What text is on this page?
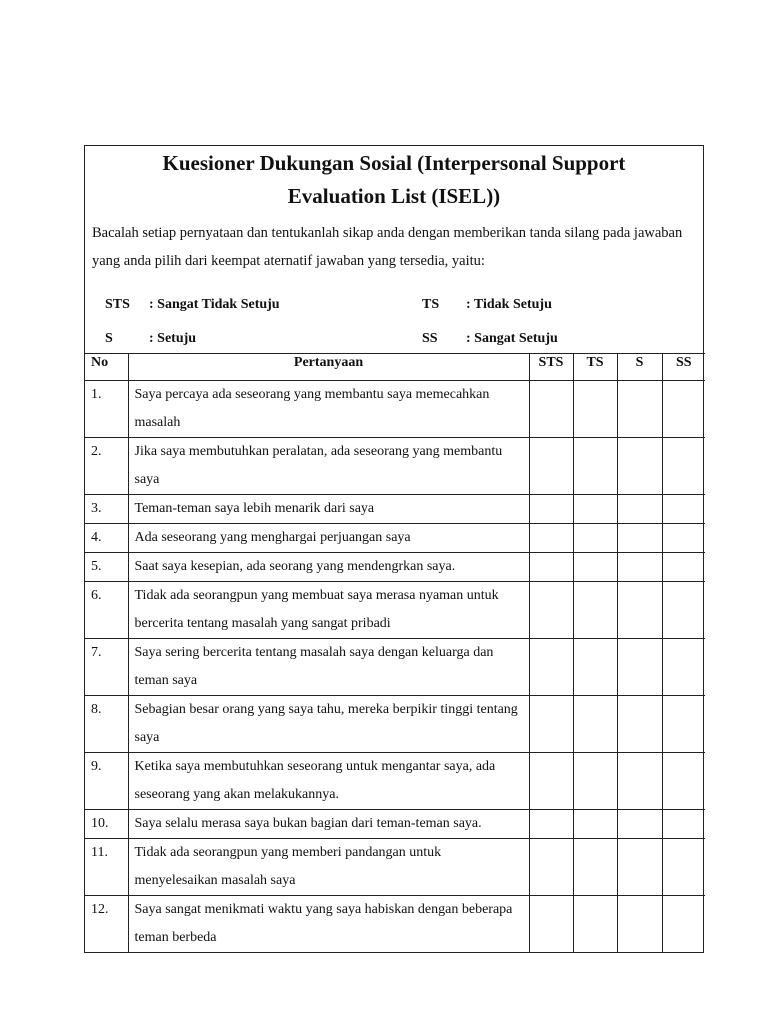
Kuesioner Dukungan Sosial (Interpersonal Support Evaluation List (ISEL))
Bacalah setiap pernyataan dan tentukanlah sikap anda dengan memberikan tanda silang pada jawaban yang anda pilih dari keempat aternatif jawaban yang tersedia, yaitu:
STS : Sangat Tidak Setuju	TS : Tidak Setuju
S	: Setuju	SS : Sangat Setuju
No	Pertanyaan	STS	TS	S	SS
1.	Saya percaya ada seseorang yang membantu saya memecahkan masalah				
2.	Jika saya membutuhkan peralatan, ada seseorang yang membantu saya				
3.	Teman-teman saya lebih menarik dari saya				
4.	Ada seseorang yang menghargai perjuangan saya				
5.	Saat saya kesepian, ada seorang yang mendengrkan saya.				
6.	Tidak ada seorangpun yang membuat saya merasa nyaman untuk bercerita tentang masalah yang sangat pribadi				
7.	Saya sering bercerita tentang masalah saya dengan keluarga dan teman saya				
8.	Sebagian besar orang yang saya tahu, mereka berpikir tinggi tentang saya				
9.	Ketika saya membutuhkan seseorang untuk mengantar saya, ada seseorang yang akan melakukannya.				
10.	Saya selalu merasa saya bukan bagian dari teman-teman saya.				
11.	Tidak ada seorangpun yang memberi pandangan untuk menyelesaikan masalah saya				
12.	Saya sangat menikmati waktu yang saya habiskan dengan beberapa teman berbeda				
